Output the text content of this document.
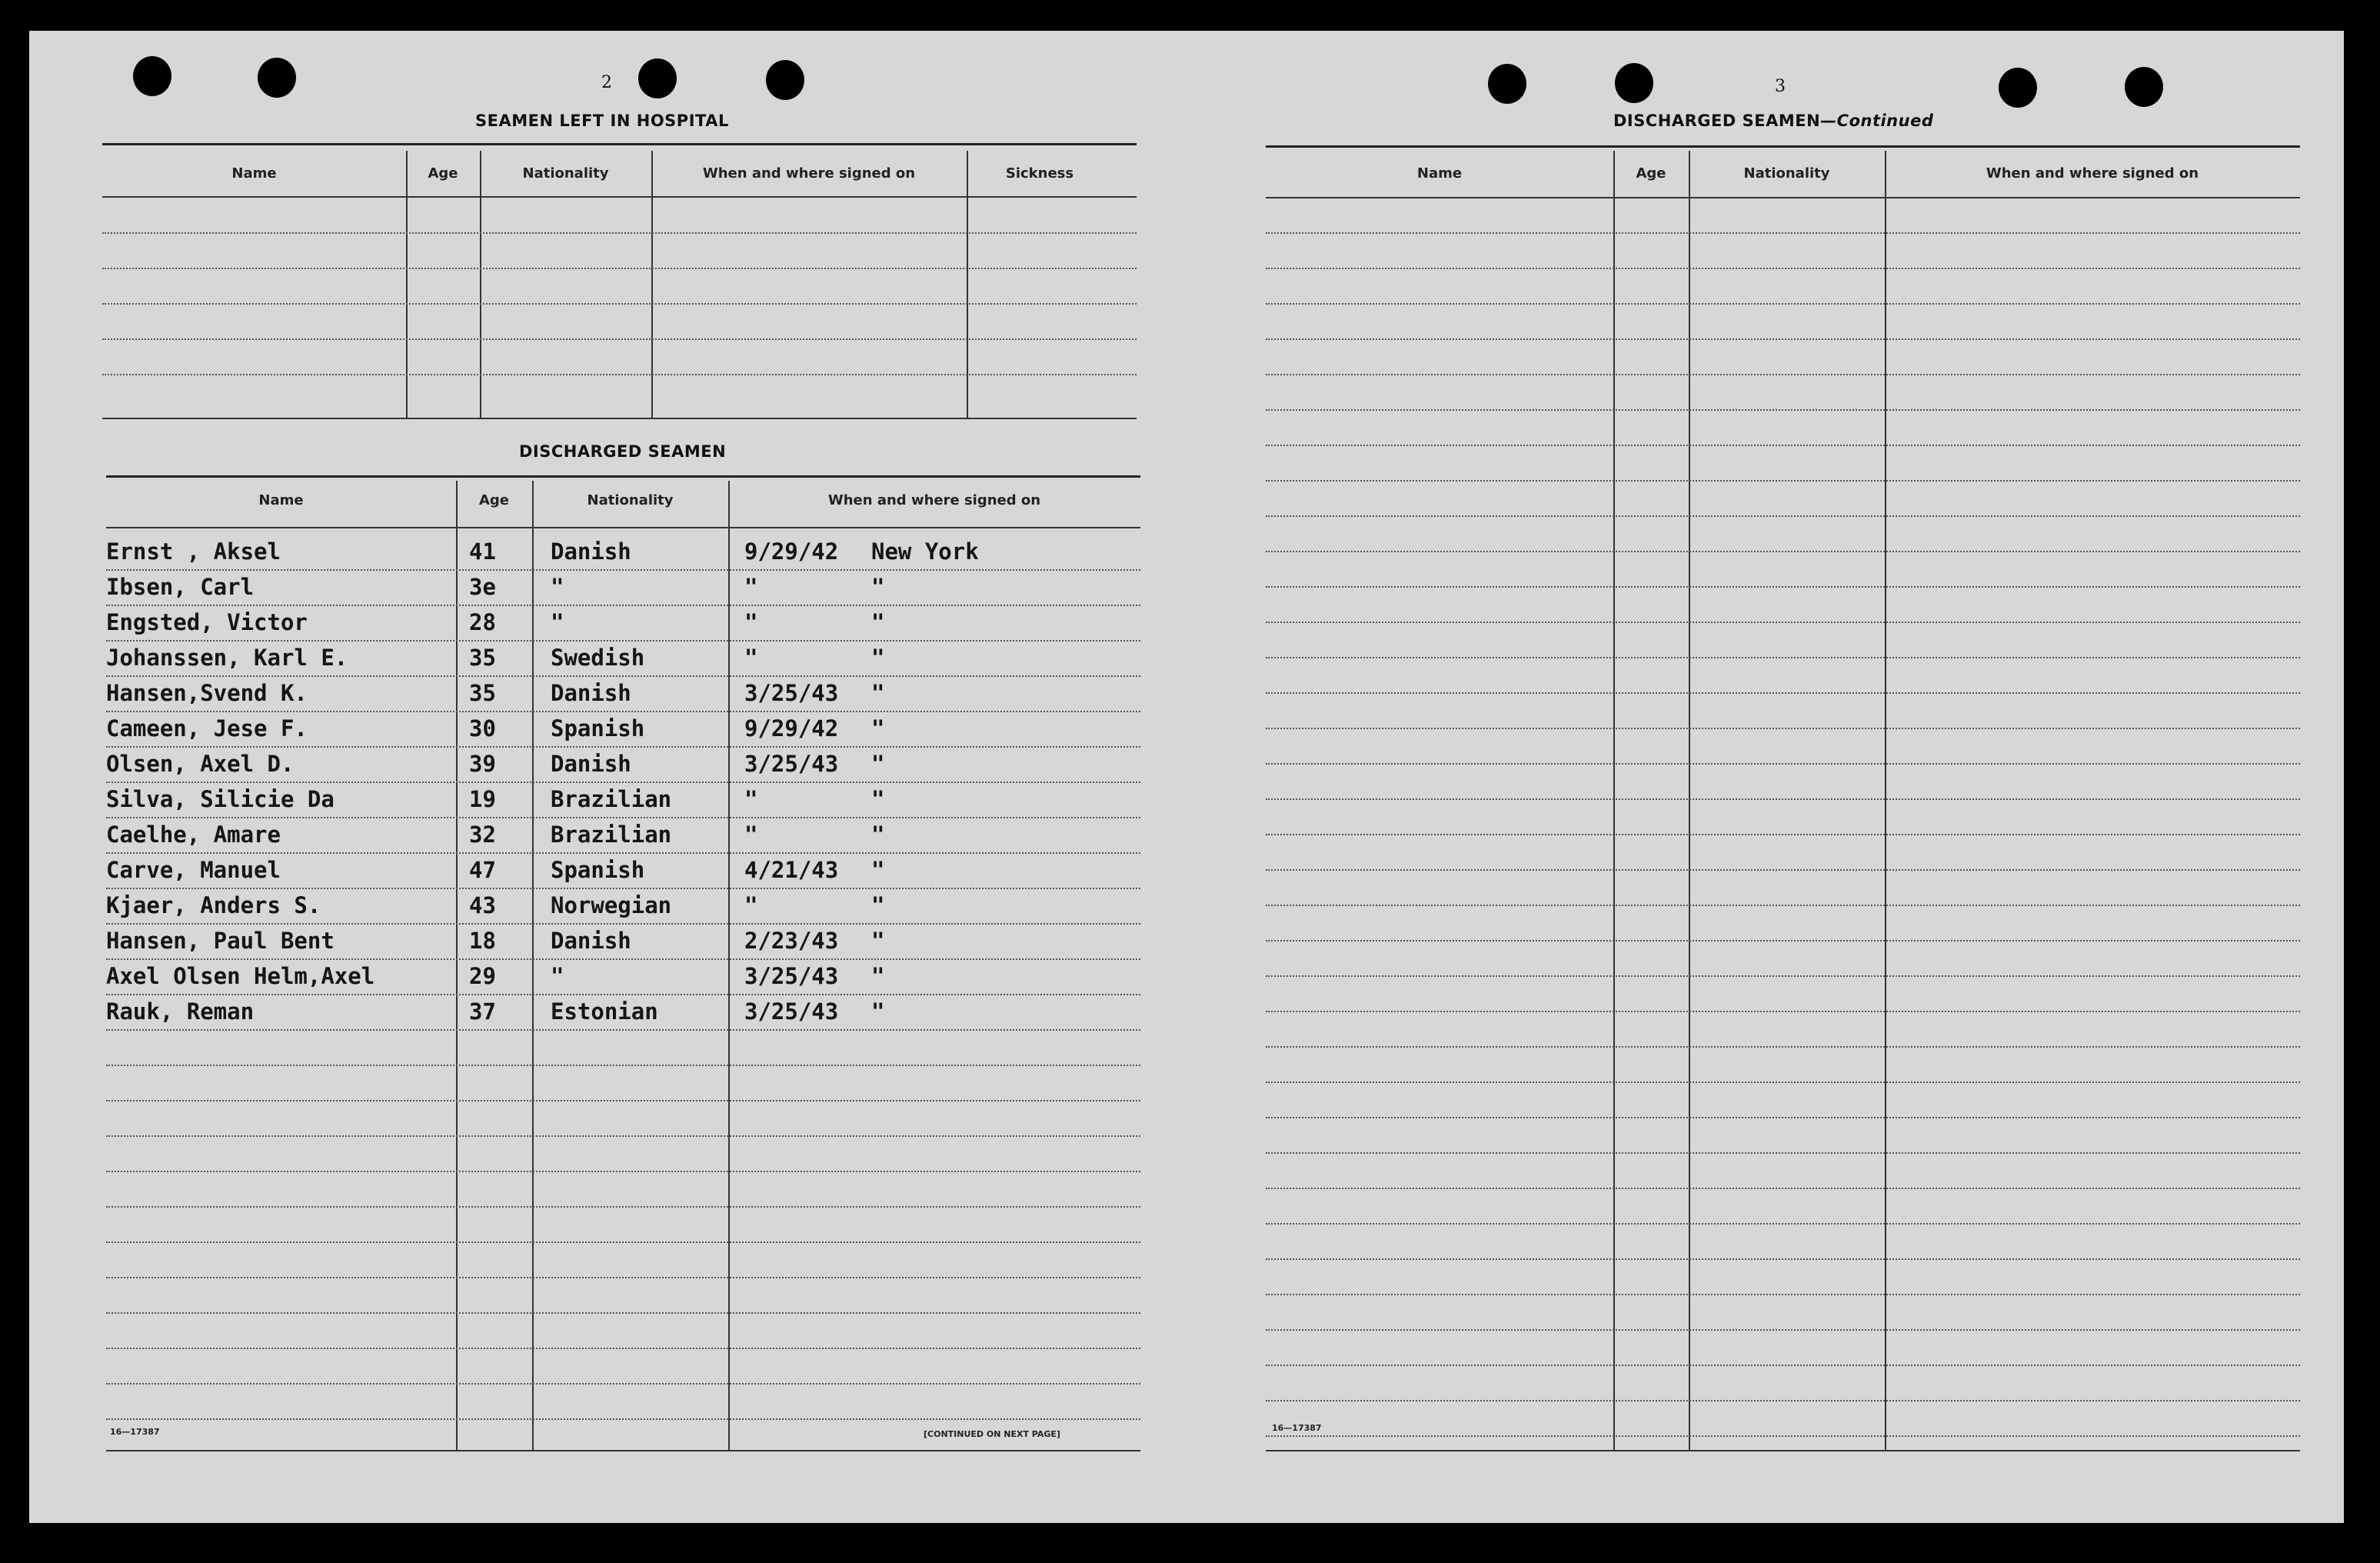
2
SEAMEN LEFT IN HOSPITAL
Name	Age	Nationality	When and where signed on	Sickness
DISCHARGED SEAMEN
Name	Age	Nationality	When and where signed on
Ernst , Aksel	41 Danish	9/29/42 New York
Ibsen, Carl	3e "	"	"
Engsted, Victor	28 "	"	"
Johanssen, Karl E.	35 Swedish	"	"
Hansen,Svend K.	35 Danish	3/25/43 "
Cameen, Jese F.	30 Spanish	9/29/42 "
Olsen, Axel D.	39 Danish	3/25/43 "
Silva, Silicie Da	19 Brazilian	"	"
Caelhe, Amare	32 Brazilian	"	"
Carve, Manuel	47 Spanish	4/21/43 "
Kjaer, Anders S.	43 Norwegian	"	"
Hansen, Paul Bent	18 Danish	2/23/43 "
Axel Olsen Helm,Axel	29 "	3/25/43 "
Rauk, Reman	37 Estonian	3/25/43 "
16—17387	[CONTINUED ON NEXT PAGE]
3
DISCHARGED SEAMEN—Continued
Name	Age	Nationality	When and where signed on
16—17387
